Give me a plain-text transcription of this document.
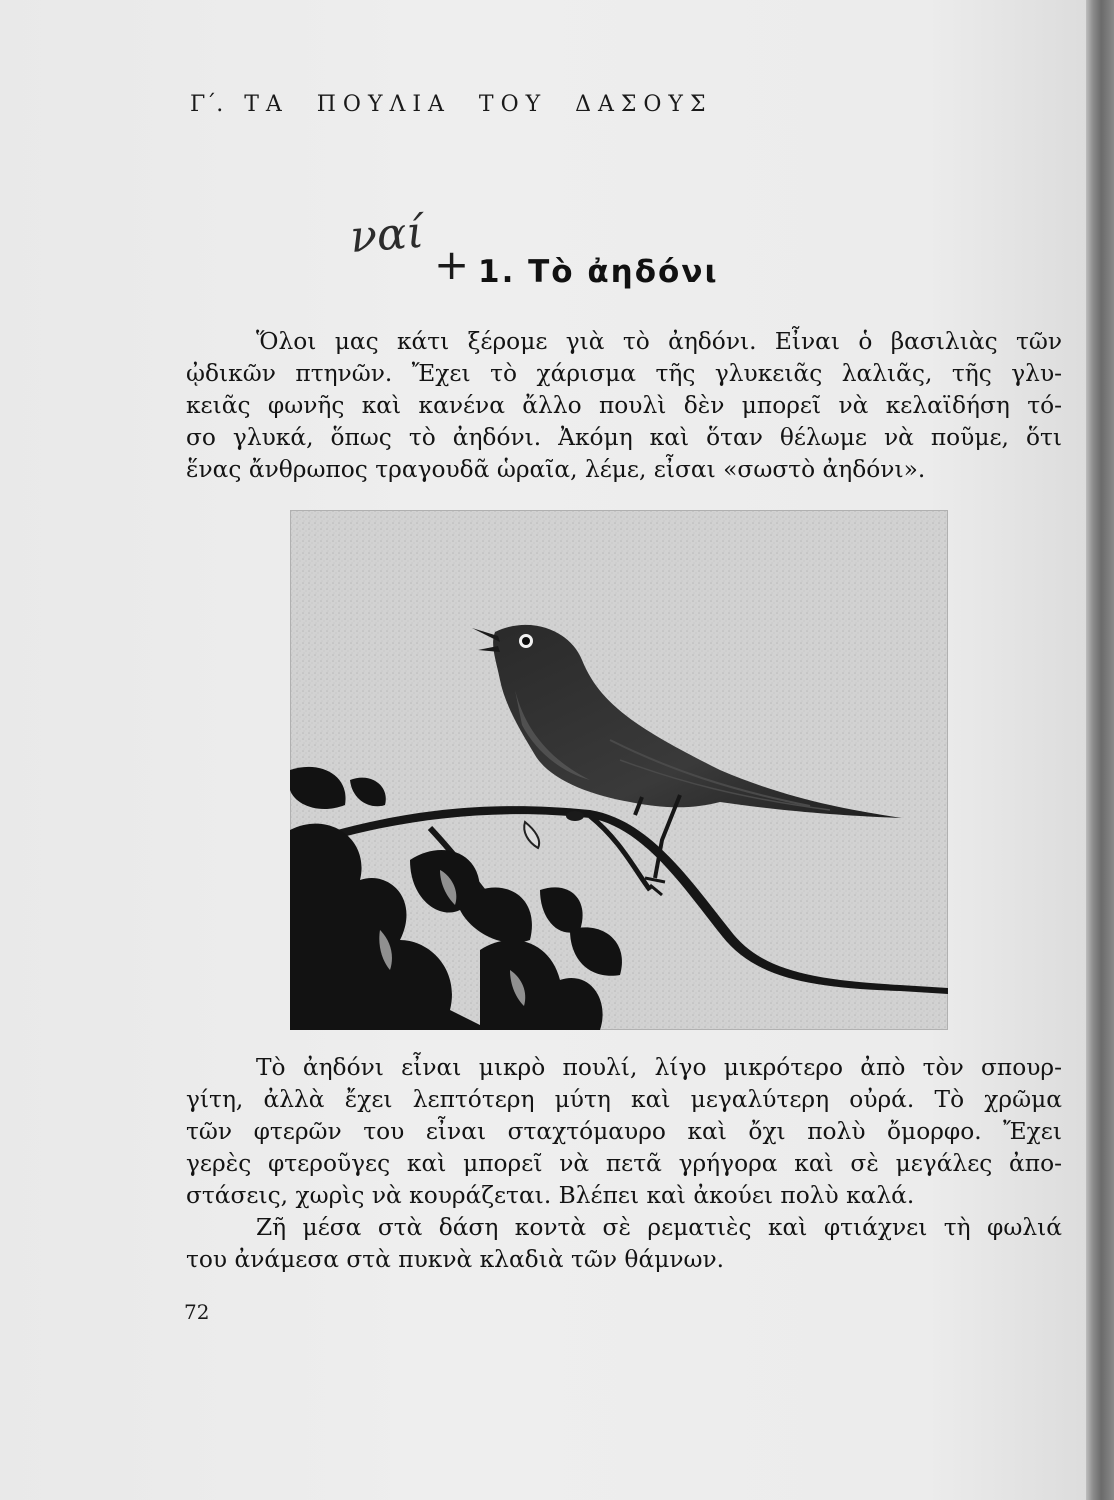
Γ΄.   Τ Α     Π Ο Υ Λ Ι Α     Τ Ο Υ     Δ Α Σ Ο Υ Σ
ναί
+ 1. Τὸ ἀηδόνι
Ὅλοι μας κάτι ξέρομε γιὰ τὸ ἀηδόνι. Εἶναι ὁ βασιλιὰς τῶν
ᾠδικῶν πτηνῶν. Ἔχει τὸ χάρισμα τῆς γλυκειᾶς λαλιᾶς, τῆς γλυ-
κειᾶς φωνῆς καὶ κανένα ἄλλο πουλὶ δὲν μπορεῖ νὰ κελαϊδήση τό-
σο γλυκά, ὅπως τὸ ἀηδόνι. Ἀκόμη καὶ ὅταν θέλωμε νὰ ποῦμε, ὅτι
ἕνας ἄνθρωπος τραγουδᾶ ὡραῖα, λέμε, εἶσαι «σωστὸ ἀηδόνι».
Τὸ ἀηδόνι εἶναι μικρὸ πουλί, λίγο μικρότερο ἀπὸ τὸν σπουρ-
γίτη, ἀλλὰ ἔχει λεπτότερη μύτη καὶ μεγαλύτερη οὐρά. Τὸ χρῶμα
τῶν φτερῶν του εἶναι σταχτόμαυρο καὶ ὄχι πολὺ ὄμορφο. Ἔχει
γερὲς φτεροῦγες καὶ μπορεῖ νὰ πετᾶ γρήγορα καὶ σὲ μεγάλες ἀπο-
στάσεις, χωρὶς νὰ κουράζεται. Βλέπει καὶ ἀκούει πολὺ καλά.
Ζῆ μέσα στὰ δάση κοντὰ σὲ ρεματιὲς καὶ φτιάχνει τὴ φωλιά
του ἀνάμεσα στὰ πυκνὰ κλαδιὰ τῶν θάμνων.
72
